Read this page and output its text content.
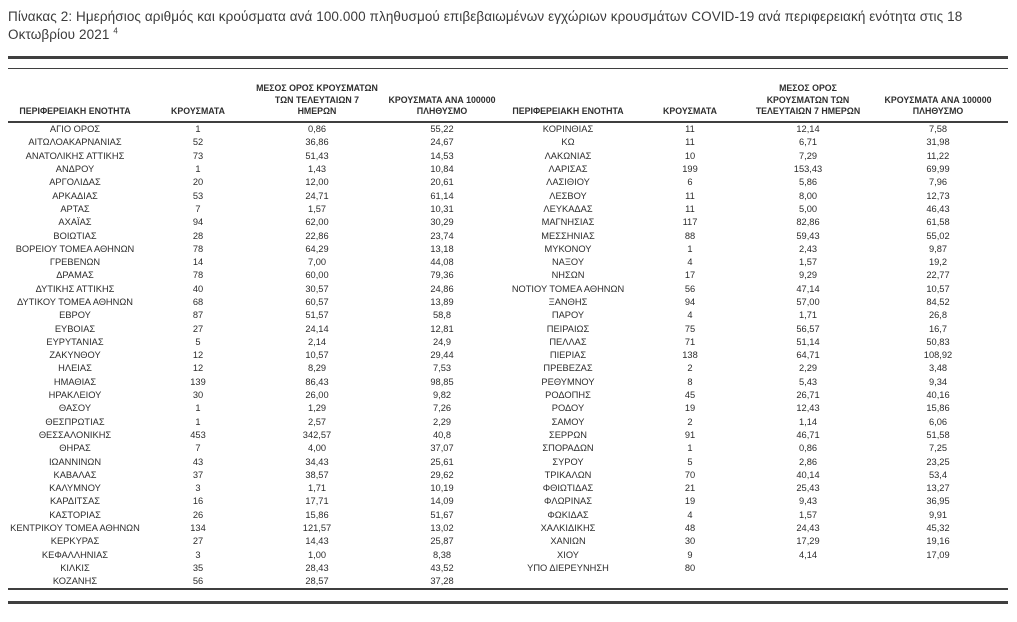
Πίνακας 2: Ημερήσιος αριθμός και κρούσματα ανά 100.000 πληθυσμού επιβεβαιωμένων εγχώριων κρουσμάτων COVID-19 ανά περιφερειακή ενότητα στις 18 Οκτωβρίου 2021 $^4$
ΠΕΡΙΦΕΡΕΙΑΚΗ ΕΝΟΤΗΤΑ	ΚΡΟΥΣΜΑΤΑ	ΜΕΣΟΣ ΟΡΟΣ ΚΡΟΥΣΜΑΤΩΝ ΤΩΝ ΤΕΛΕΥΤΑΙΩΝ 7 ΗΜΕΡΩΝ	ΚΡΟΥΣΜΑΤΑ ΑΝΑ 100000 ΠΛΗΘΥΣΜΟ	ΠΕΡΙΦΕΡΕΙΑΚΗ ΕΝΟΤΗΤΑ	ΚΡΟΥΣΜΑΤΑ	ΜΕΣΟΣ ΟΡΟΣ ΚΡΟΥΣΜΑΤΩΝ ΤΩΝ ΤΕΛΕΥΤΑΙΩΝ 7 ΗΜΕΡΩΝ	ΚΡΟΥΣΜΑΤΑ ΑΝΑ 100000 ΠΛΗΘΥΣΜΟ
ΑΓΙΟ ΟΡΟΣ	1	0,86	55,22	ΚΟΡΙΝΘΙΑΣ	11	12,14	7,58
ΑΙΤΩΛΟΑΚΑΡΝΑΝΙΑΣ	52	36,86	24,67	ΚΩ	11	6,71	31,98
ΑΝΑΤΟΛΙΚΗΣ ΑΤΤΙΚΗΣ	73	51,43	14,53	ΛΑΚΩΝΙΑΣ	10	7,29	11,22
ΑΝΔΡΟΥ	1	1,43	10,84	ΛΑΡΙΣΑΣ	199	153,43	69,99
ΑΡΓΟΛΙΔΑΣ	20	12,00	20,61	ΛΑΣΙΘΙΟΥ	6	5,86	7,96
ΑΡΚΑΔΙΑΣ	53	24,71	61,14	ΛΕΣΒΟΥ	11	8,00	12,73
ΑΡΤΑΣ	7	1,57	10,31	ΛΕΥΚΑΔΑΣ	11	5,00	46,43
ΑΧΑΪΑΣ	94	62,00	30,29	ΜΑΓΝΗΣΙΑΣ	117	82,86	61,58
ΒΟΙΩΤΙΑΣ	28	22,86	23,74	ΜΕΣΣΗΝΙΑΣ	88	59,43	55,02
ΒΟΡΕΙΟΥ ΤΟΜΕΑ ΑΘΗΝΩΝ	78	64,29	13,18	ΜΥΚΟΝΟΥ	1	2,43	9,87
ΓΡΕΒΕΝΩΝ	14	7,00	44,08	ΝΑΞΟΥ	4	1,57	19,2
ΔΡΑΜΑΣ	78	60,00	79,36	ΝΗΣΩΝ	17	9,29	22,77
ΔΥΤΙΚΗΣ ΑΤΤΙΚΗΣ	40	30,57	24,86	ΝΟΤΙΟΥ ΤΟΜΕΑ ΑΘΗΝΩΝ	56	47,14	10,57
ΔΥΤΙΚΟΥ ΤΟΜΕΑ ΑΘΗΝΩΝ	68	60,57	13,89	ΞΑΝΘΗΣ	94	57,00	84,52
ΕΒΡΟΥ	87	51,57	58,8	ΠΑΡΟΥ	4	1,71	26,8
ΕΥΒΟΙΑΣ	27	24,14	12,81	ΠΕΙΡΑΙΩΣ	75	56,57	16,7
ΕΥΡΥΤΑΝΙΑΣ	5	2,14	24,9	ΠΕΛΛΑΣ	71	51,14	50,83
ΖΑΚΥΝΘΟΥ	12	10,57	29,44	ΠΙΕΡΙΑΣ	138	64,71	108,92
ΗΛΕΙΑΣ	12	8,29	7,53	ΠΡΕΒΕΖΑΣ	2	2,29	3,48
ΗΜΑΘΙΑΣ	139	86,43	98,85	ΡΕΘΥΜΝΟΥ	8	5,43	9,34
ΗΡΑΚΛΕΙΟΥ	30	26,00	9,82	ΡΟΔΟΠΗΣ	45	26,71	40,16
ΘΑΣΟΥ	1	1,29	7,26	ΡΟΔΟΥ	19	12,43	15,86
ΘΕΣΠΡΩΤΙΑΣ	1	2,57	2,29	ΣΑΜΟΥ	2	1,14	6,06
ΘΕΣΣΑΛΟΝΙΚΗΣ	453	342,57	40,8	ΣΕΡΡΩΝ	91	46,71	51,58
ΘΗΡΑΣ	7	4,00	37,07	ΣΠΟΡΑΔΩΝ	1	0,86	7,25
ΙΩΑΝΝΙΝΩΝ	43	34,43	25,61	ΣΥΡΟΥ	5	2,86	23,25
ΚΑΒΑΛΑΣ	37	38,57	29,62	ΤΡΙΚΑΛΩΝ	70	40,14	53,4
ΚΑΛΥΜΝΟΥ	3	1,71	10,19	ΦΘΙΩΤΙΔΑΣ	21	25,43	13,27
ΚΑΡΔΙΤΣΑΣ	16	17,71	14,09	ΦΛΩΡΙΝΑΣ	19	9,43	36,95
ΚΑΣΤΟΡΙΑΣ	26	15,86	51,67	ΦΩΚΙΔΑΣ	4	1,57	9,91
ΚΕΝΤΡΙΚΟΥ ΤΟΜΕΑ ΑΘΗΝΩΝ	134	121,57	13,02	ΧΑΛΚΙΔΙΚΗΣ	48	24,43	45,32
ΚΕΡΚΥΡΑΣ	27	14,43	25,87	ΧΑΝΙΩΝ	30	17,29	19,16
ΚΕΦΑΛΛΗΝΙΑΣ	3	1,00	8,38	ΧΙΟΥ	9	4,14	17,09
ΚΙΛΚΙΣ	35	28,43	43,52	ΥΠΟ ΔΙΕΡΕΥΝΗΣΗ	80		
ΚΟΖΑΝΗΣ	56	28,57	37,28				
